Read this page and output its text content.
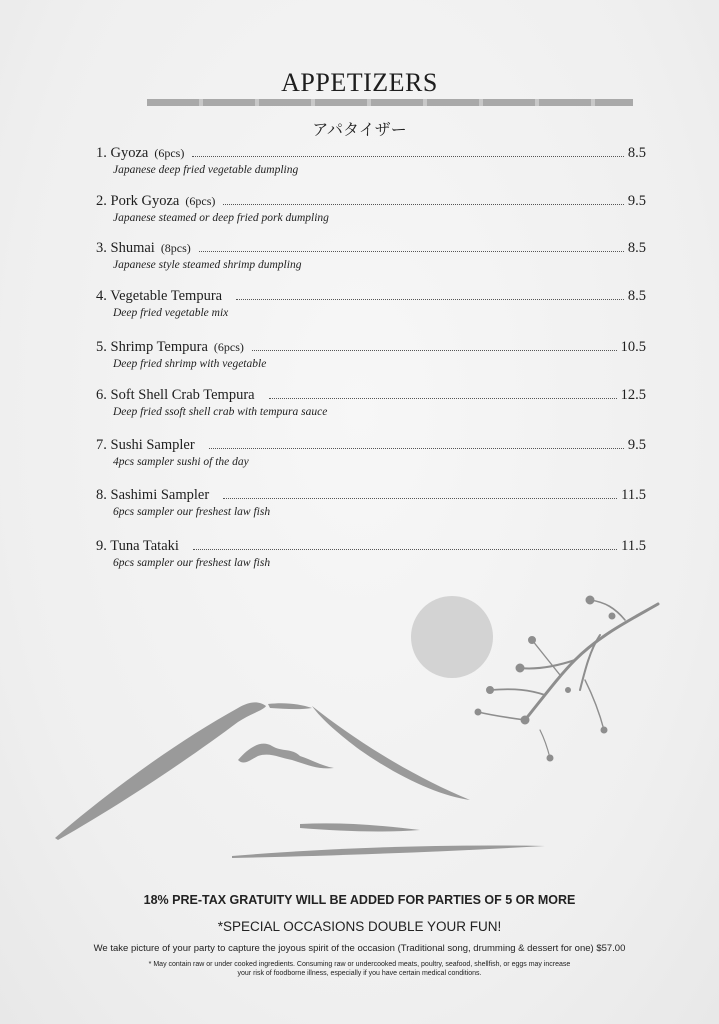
APPETIZERS
アパタイザー
1. Gyoza (6pcs)	8.5
Japanese deep fried vegetable dumpling
2. Pork Gyoza (6pcs)	9.5
Japanese steamed or deep fried pork dumpling
3. Shumai (8pcs)	8.5
Japanese style steamed shrimp dumpling
4. Vegetable Tempura	8.5
Deep fried vegetable mix
5. Shrimp Tempura (6pcs)	10.5
Deep fried shrimp with vegetable
6. Soft Shell Crab Tempura	12.5
Deep fried ssoft shell crab with tempura sauce
7. Sushi Sampler	9.5
4pcs sampler sushi of the day
8. Sashimi Sampler	11.5
6pcs sampler our freshest law fish
9. Tuna Tataki	11.5
6pcs sampler our freshest law fish
18% PRE-TAX GRATUITY WILL BE ADDED FOR PARTIES OF 5 OR MORE
*SPECIAL OCCASIONS DOUBLE YOUR FUN!
We take picture of your party to capture the joyous spirit of the occasion (Traditional song, drumming & dessert for one) $57.00
* May contain raw or under cooked ingredients. Consuming raw or undercooked meats, poultry, seafood, shellfish, or eggs may increase
your risk of foodborne illness, especially if you have certain medical conditions.
